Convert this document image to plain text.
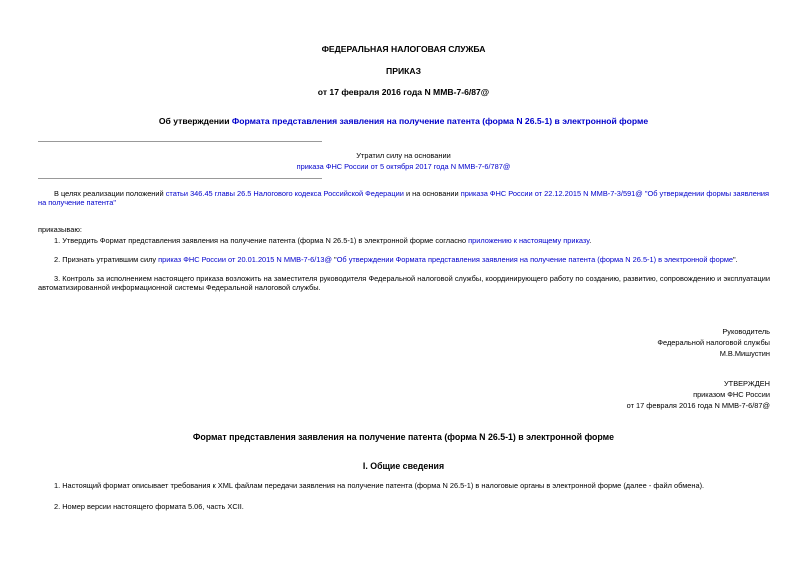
ФЕДЕРАЛЬНАЯ НАЛОГОВАЯ СЛУЖБА
ПРИКАЗ
от 17 февраля 2016 года N ММВ-7-6/87@
Об утверждении Формата представления заявления на получение патента (форма N 26.5-1) в электронной форме
Утратил силу на основании
приказа ФНС России от 5 октября 2017 года N ММВ-7-6/787@
В целях реализации положений статьи 346.45 главы 26.5 Налогового кодекса Российской Федерации и на основании приказа ФНС России от 22.12.2015 N ММВ-7-3/591@ "Об утверждении формы заявления на получение патента"
приказываю:
1. Утвердить Формат представления заявления на получение патента (форма N 26.5-1) в электронной форме согласно приложению к настоящему приказу.
2. Признать утратившим силу приказ ФНС России от 20.01.2015 N ММВ-7-6/13@ "Об утверждении Формата представления заявления на получение патента (форма N 26.5-1) в электронной форме".
3. Контроль за исполнением настоящего приказа возложить на заместителя руководителя Федеральной налоговой службы, координирующего работу по созданию, развитию, сопровождению и эксплуатации автоматизированной информационной системы Федеральной налоговой службы.
Руководитель
Федеральной налоговой службы
М.В.Мишустин
УТВЕРЖДЕН
приказом ФНС России
от 17 февраля 2016 года N ММВ-7-6/87@
Формат представления заявления на получение патента (форма N 26.5-1) в электронной форме
I. Общие сведения
1. Настоящий формат описывает требования к XML файлам передачи заявления на получение патента (форма N 26.5-1) в налоговые органы в электронной форме (далее - файл обмена).
2. Номер версии настоящего формата 5.06, часть XCII.
